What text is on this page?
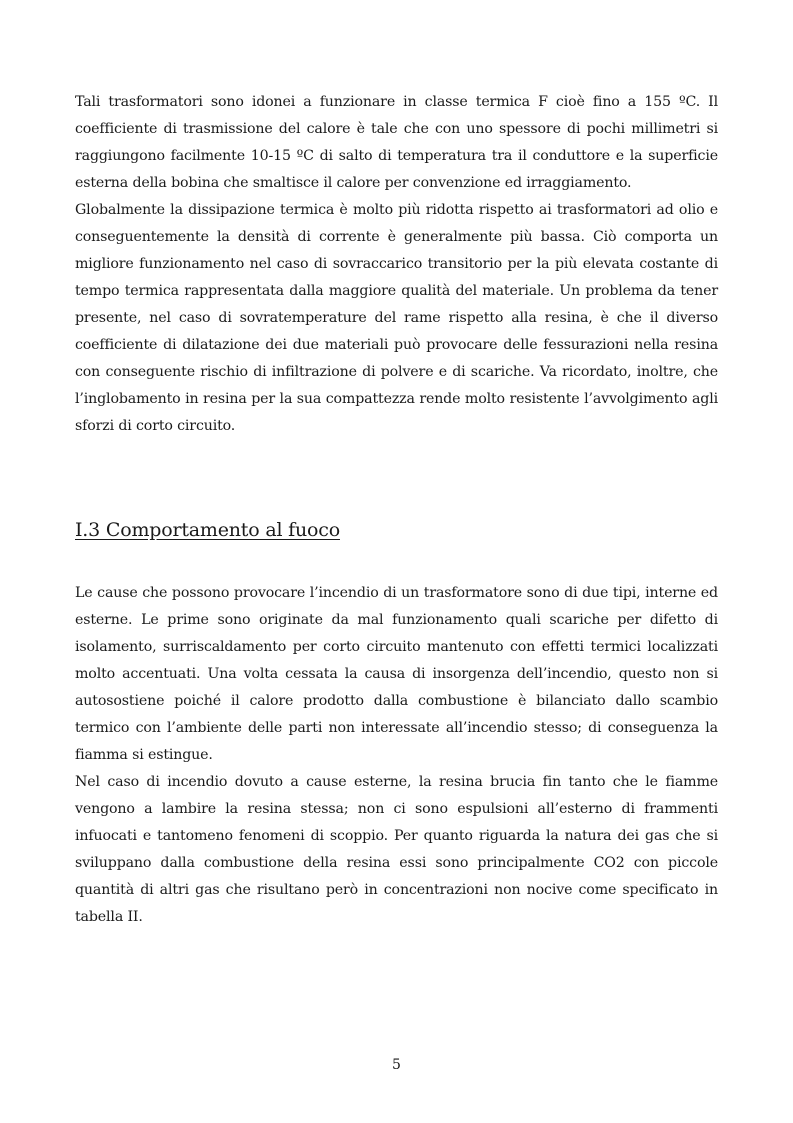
Tali trasformatori sono idonei a funzionare in classe termica F cioè fino a 155 ºC. Il coefficiente di trasmissione del calore è tale che con uno spessore di pochi millimetri si raggiungono facilmente 10-15 ºC di salto di temperatura tra il conduttore e la superficie esterna della bobina che smaltisce il calore per convenzione ed irraggiamento.

Globalmente la dissipazione termica è molto più ridotta rispetto ai trasformatori ad olio e conseguentemente la densità di corrente è generalmente più bassa. Ciò comporta un migliore funzionamento nel caso di sovraccarico transitorio per la più elevata costante di tempo termica rappresentata dalla maggiore qualità del materiale. Un problema da tener presente, nel caso di sovratemperature del rame rispetto alla resina, è che il diverso coefficiente di dilatazione dei due materiali può provocare delle fessurazioni nella resina con conseguente rischio di infiltrazione di polvere e di scariche. Va ricordato, inoltre, che l’inglobamento in resina per la sua compattezza rende molto resistente l’avvolgimento agli sforzi di corto circuito.

I.3 Comportamento al fuoco

Le cause che possono provocare l’incendio di un trasformatore sono di due tipi, interne ed esterne. Le prime sono originate da mal funzionamento quali scariche per difetto di isolamento, surriscaldamento per corto circuito mantenuto con effetti termici localizzati molto accentuati. Una volta cessata la causa di insorgenza dell’incendio, questo non si autosostiene poiché il calore prodotto dalla combustione è bilanciato dallo scambio termico con l’ambiente delle parti non interessate all’incendio stesso; di conseguenza la fiamma si estingue.

Nel caso di incendio dovuto a cause esterne, la resina brucia fin tanto che le fiamme vengono a lambire la resina stessa; non ci sono espulsioni all’esterno di frammenti infuocati e tantomeno fenomeni di scoppio. Per quanto riguarda la natura dei gas che si sviluppano dalla combustione della resina essi sono principalmente CO2 con piccole quantità di altri gas che risultano però in concentrazioni non nocive come specificato in tabella II.

5
